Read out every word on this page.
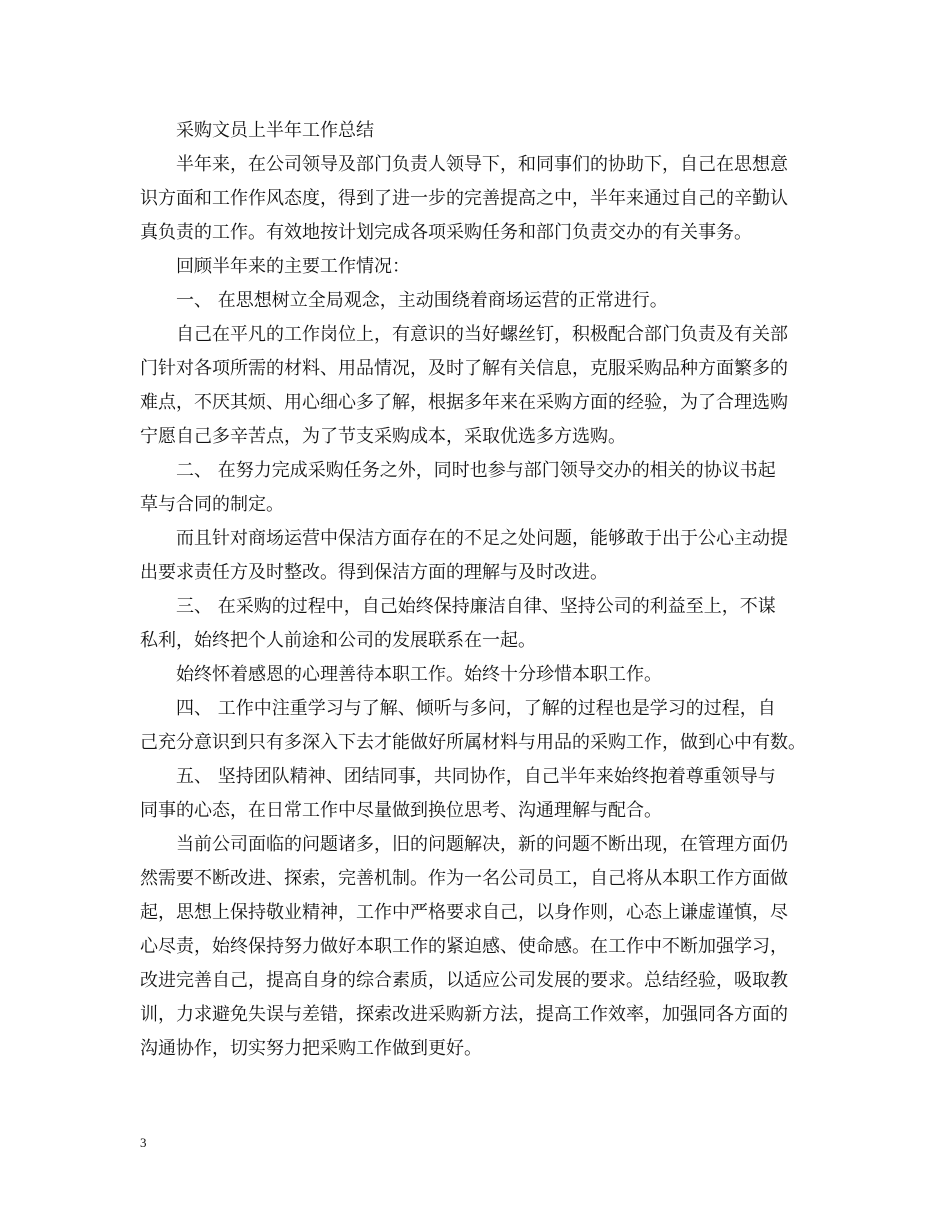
采购文员上半年工作总结

半年来，在公司领导及部门负责人领导下，和同事们的协助下，自己在思想意
识方面和工作作风态度，得到了进一步的完善提高之中，半年来通过自己的辛勤认
真负责的工作。有效地按计划完成各项采购任务和部门负责交办的有关事务。

回顾半年来的主要工作情况：

一、 在思想树立全局观念，主动围绕着商场运营的正常进行。

自己在平凡的工作岗位上，有意识的当好螺丝钉，积极配合部门负责及有关部
门针对各项所需的材料、用品情况，及时了解有关信息，克服采购品种方面繁多的
难点，不厌其烦、用心细心多了解，根据多年来在采购方面的经验，为了合理选购
宁愿自己多辛苦点，为了节支采购成本，采取优选多方选购。

二、 在努力完成采购任务之外，同时也参与部门领导交办的相关的协议书起
草与合同的制定。

而且针对商场运营中保洁方面存在的不足之处问题，能够敢于出于公心主动提
出要求责任方及时整改。得到保洁方面的理解与及时改进。

三、 在采购的过程中，自己始终保持廉洁自律、坚持公司的利益至上，不谋
私利，始终把个人前途和公司的发展联系在一起。

始终怀着感恩的心理善待本职工作。始终十分珍惜本职工作。

四、 工作中注重学习与了解、倾听与多问，了解的过程也是学习的过程，自
己充分意识到只有多深入下去才能做好所属材料与用品的采购工作，做到心中有数。

五、 坚持团队精神、团结同事，共同协作，自己半年来始终抱着尊重领导与
同事的心态，在日常工作中尽量做到换位思考、沟通理解与配合。

当前公司面临的问题诸多，旧的问题解决，新的问题不断出现，在管理方面仍
然需要不断改进、探索，完善机制。作为一名公司员工，自己将从本职工作方面做
起，思想上保持敬业精神，工作中严格要求自己，以身作则，心态上谦虚谨慎，尽
心尽责，始终保持努力做好本职工作的紧迫感、使命感。在工作中不断加强学习，
改进完善自己，提高自身的综合素质，以适应公司发展的要求。总结经验，吸取教
训，力求避免失误与差错，探索改进采购新方法，提高工作效率，加强同各方面的
沟通协作，切实努力把采购工作做到更好。

3
